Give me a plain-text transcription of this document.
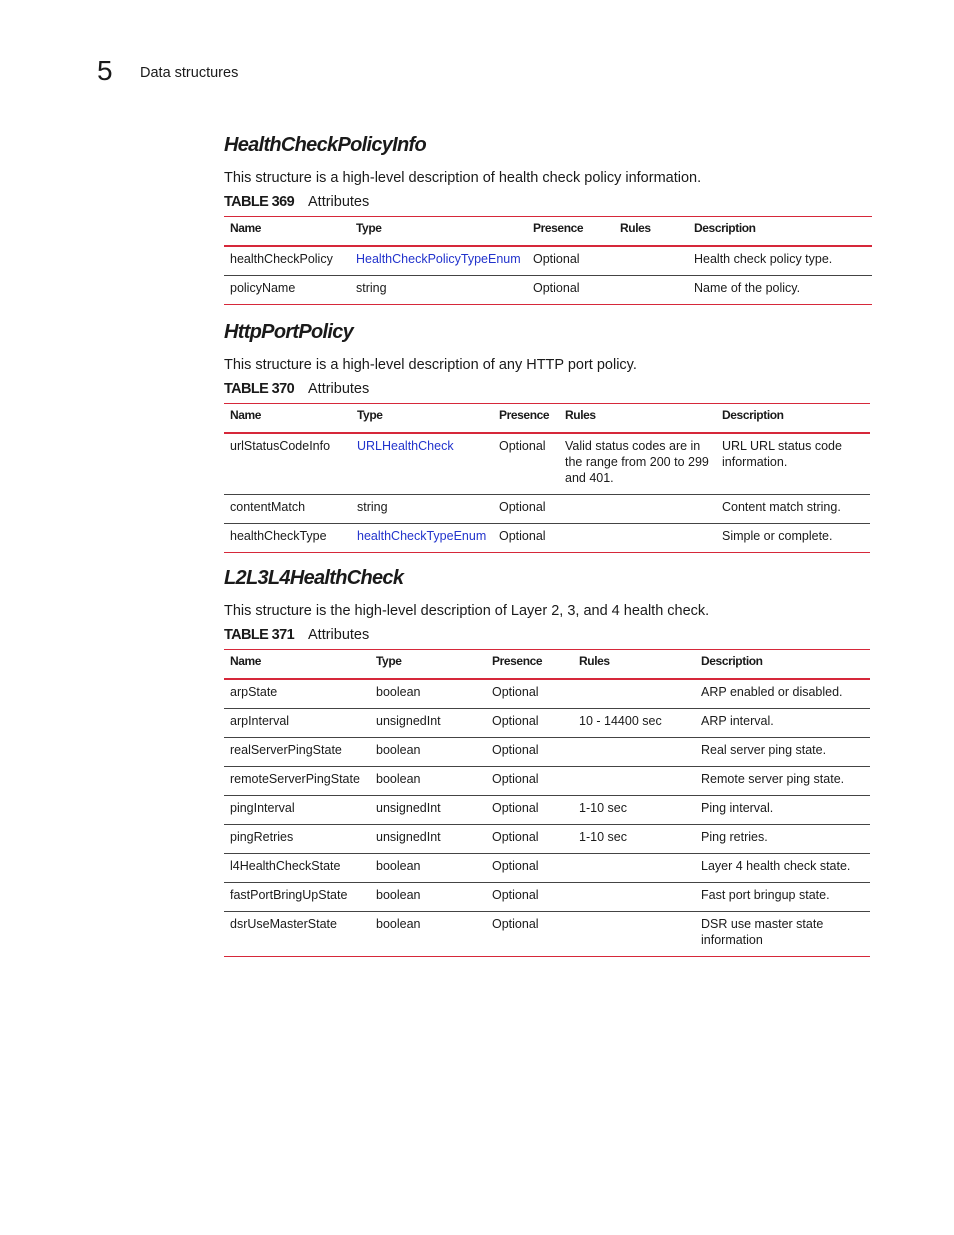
5 Data structures
HealthCheckPolicyInfo
This structure is a high-level description of health check policy information.
TABLE 369 Attributes
Name	Type	Presence	Rules	Description
healthCheckPolicy	HealthCheckPolicyTypeEnum	Optional		Health check policy type.
policyName	string	Optional		Name of the policy.
HttpPortPolicy
This structure is a high-level description of any HTTP port policy.
TABLE 370 Attributes
Name	Type	Presence	Rules	Description
urlStatusCodeInfo	URLHealthCheck	Optional	Valid status codes are in the range from 200 to 299 and 401.	URL URL status code information.
contentMatch	string	Optional		Content match string.
healthCheckType	healthCheckTypeEnum	Optional		Simple or complete.
L2L3L4HealthCheck
This structure is the high-level description of Layer 2, 3, and 4 health check.
TABLE 371 Attributes
Name	Type	Presence	Rules	Description
arpState	boolean	Optional		ARP enabled or disabled.
arpInterval	unsignedInt	Optional	10 - 14400 sec	ARP interval.
realServerPingState	boolean	Optional		Real server ping state.
remoteServerPingState	boolean	Optional		Remote server ping state.
pingInterval	unsignedInt	Optional	1-10 sec	Ping interval.
pingRetries	unsignedInt	Optional	1-10 sec	Ping retries.
l4HealthCheckState	boolean	Optional		Layer 4 health check state.
fastPortBringUpState	boolean	Optional		Fast port bringup state.
dsrUseMasterState	boolean	Optional		DSR use master state information
